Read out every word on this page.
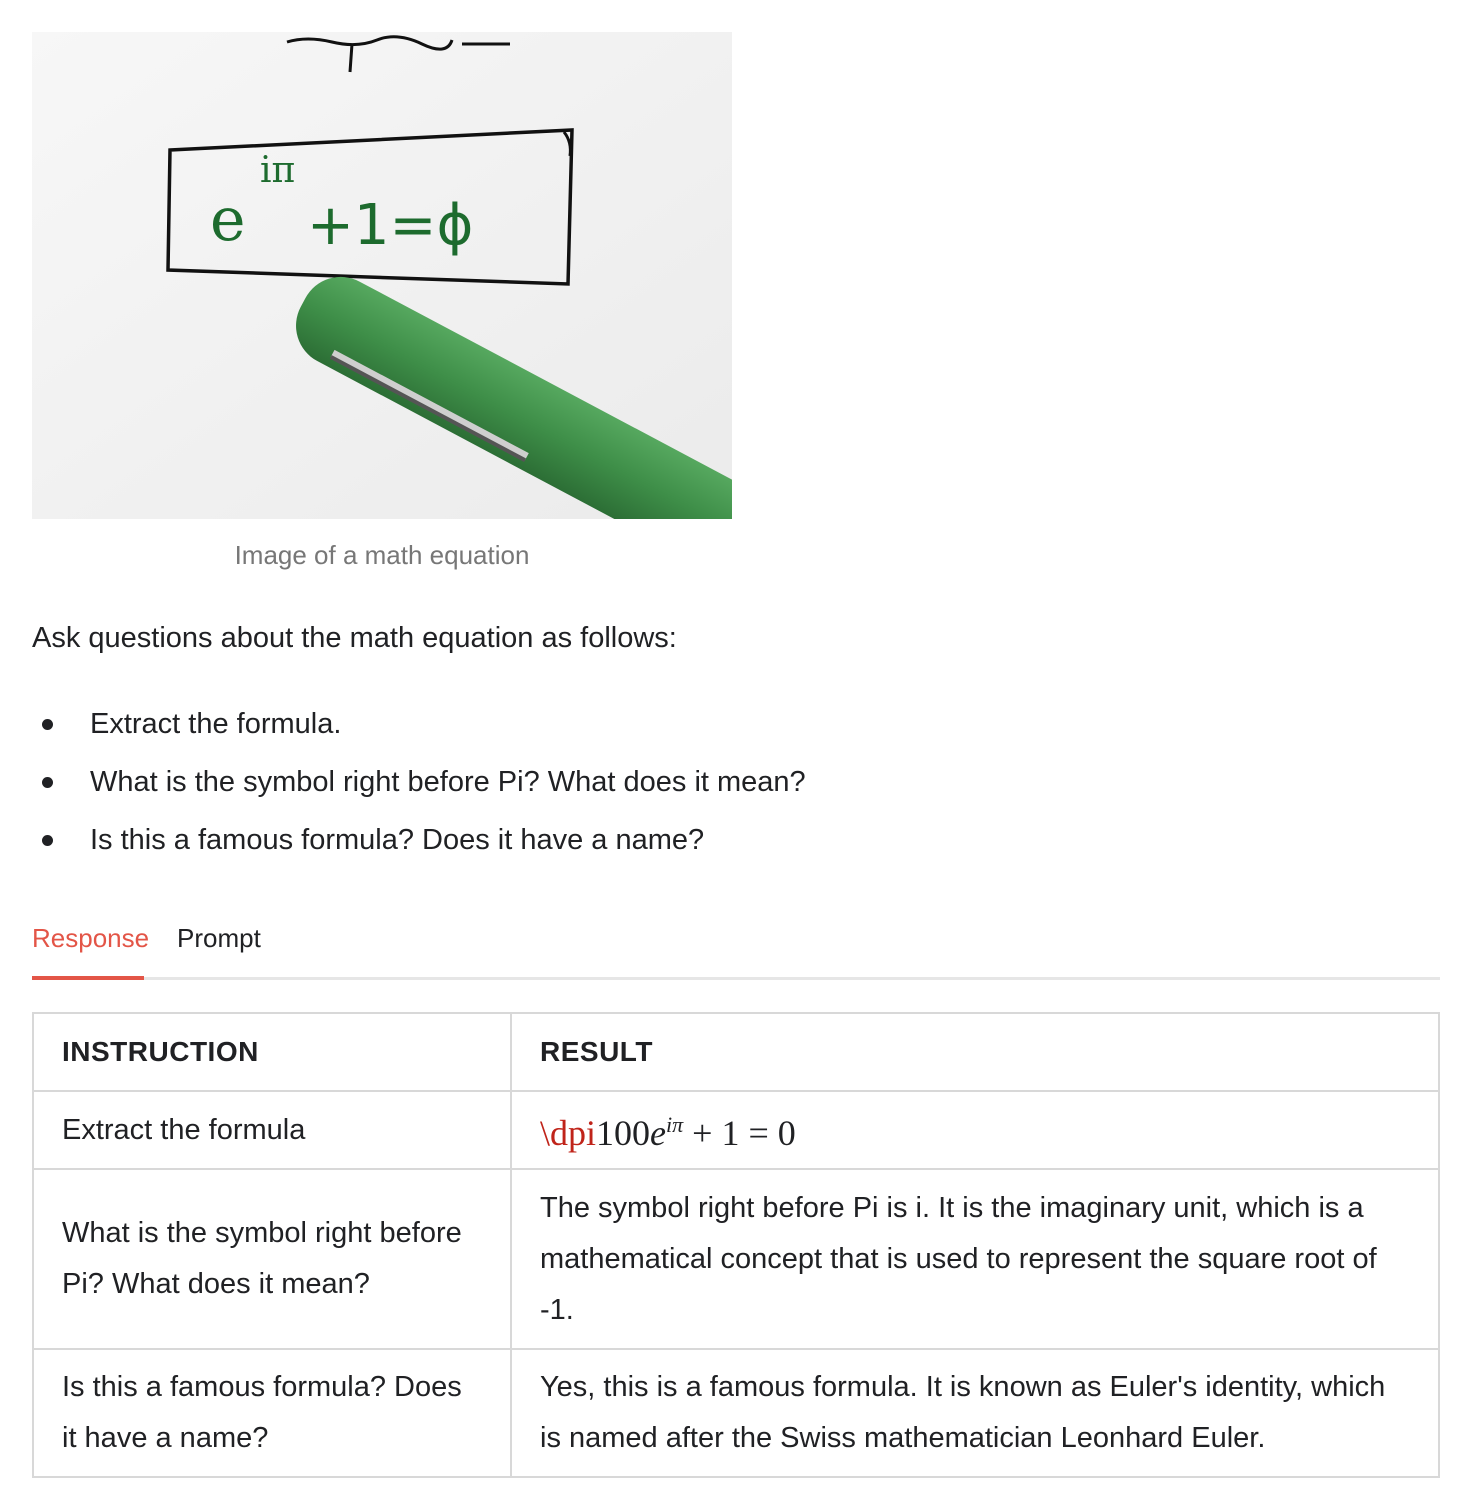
e
iπ
+1=ϕ
Image of a math equation
Ask questions about the math equation as follows:
Extract the formula.
What is the symbol right before Pi? What does it mean?
Is this a famous formula? Does it have a name?
Response Prompt
INSTRUCTION	RESULT
Extract the formula	$\backslash dpi100e^{i\pi} + 1 = 0$
What is the symbol right before Pi? What does it mean?	The symbol right before Pi is i. It is the imaginary unit, which is a mathematical concept that is used to represent the square root of -1.
Is this a famous formula? Does it have a name?	Yes, this is a famous formula. It is known as Euler's identity, which is named after the Swiss mathematician Leonhard Euler.
